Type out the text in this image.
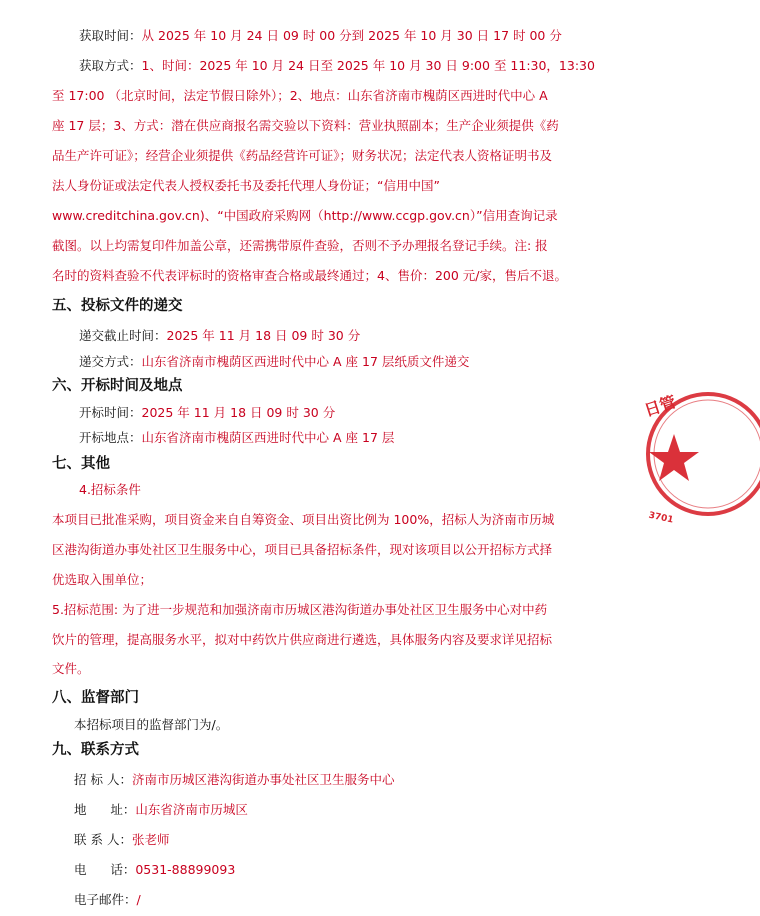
获取时间：从 2025 年 10 月 24 日 09 时 00 分到 2025 年 10 月 30 日 17 时 00 分
获取方式：1、时间：2025 年 10 月 24 日至 2025 年 10 月 30 日 9:00 至 11:30，13:30
至 17:00 （北京时间，法定节假日除外）；2、地点：山东省济南市槐荫区西进时代中心 A
座 17 层；3、方式：潜在供应商报名需交验以下资料：营业执照副本；生产企业须提供《药
品生产许可证》；经营企业须提供《药品经营许可证》；财务状况；法定代表人资格证明书及
法人身份证或法定代表人授权委托书及委托代理人身份证；“信用中国”
www.creditchina.gov.cn)、“中国政府采购网（http://www.ccgp.gov.cn）”信用查询记录
截图。以上均需复印件加盖公章，还需携带原件查验，否则不予办理报名登记手续。注: 报
名时的资料查验不代表评标时的资格审查合格或最终通过；4、售价：200 元/家，售后不退。
五、投标文件的递交
递交截止时间：2025 年 11 月 18 日 09 时 30 分
递交方式：山东省济南市槐荫区西进时代中心 A 座 17 层纸质文件递交
六、开标时间及地点
开标时间：2025 年 11 月 18 日 09 时 30 分
开标地点：山东省济南市槐荫区西进时代中心 A 座 17 层
七、其他
4.招标条件
本项目已批准采购，项目资金来自自筹资金、项目出资比例为 100%，招标人为济南市历城
区港沟街道办事处社区卫生服务中心，项目已具备招标条件，现对该项目以公开招标方式择
优选取入围单位；
5.招标范围: 为了进一步规范和加强济南市历城区港沟街道办事处社区卫生服务中心对中药
饮片的管理，提高服务水平，拟对中药饮片供应商进行遴选，具体服务内容及要求详见招标
文件。
八、监督部门
本招标项目的监督部门为/。
九、联系方式
招 标 人：济南市历城区港沟街道办事处社区卫生服务中心
地      址：山东省济南市历城区
联 系 人：张老师
电      话：0531-88899093
电子邮件：/
日管
3701
